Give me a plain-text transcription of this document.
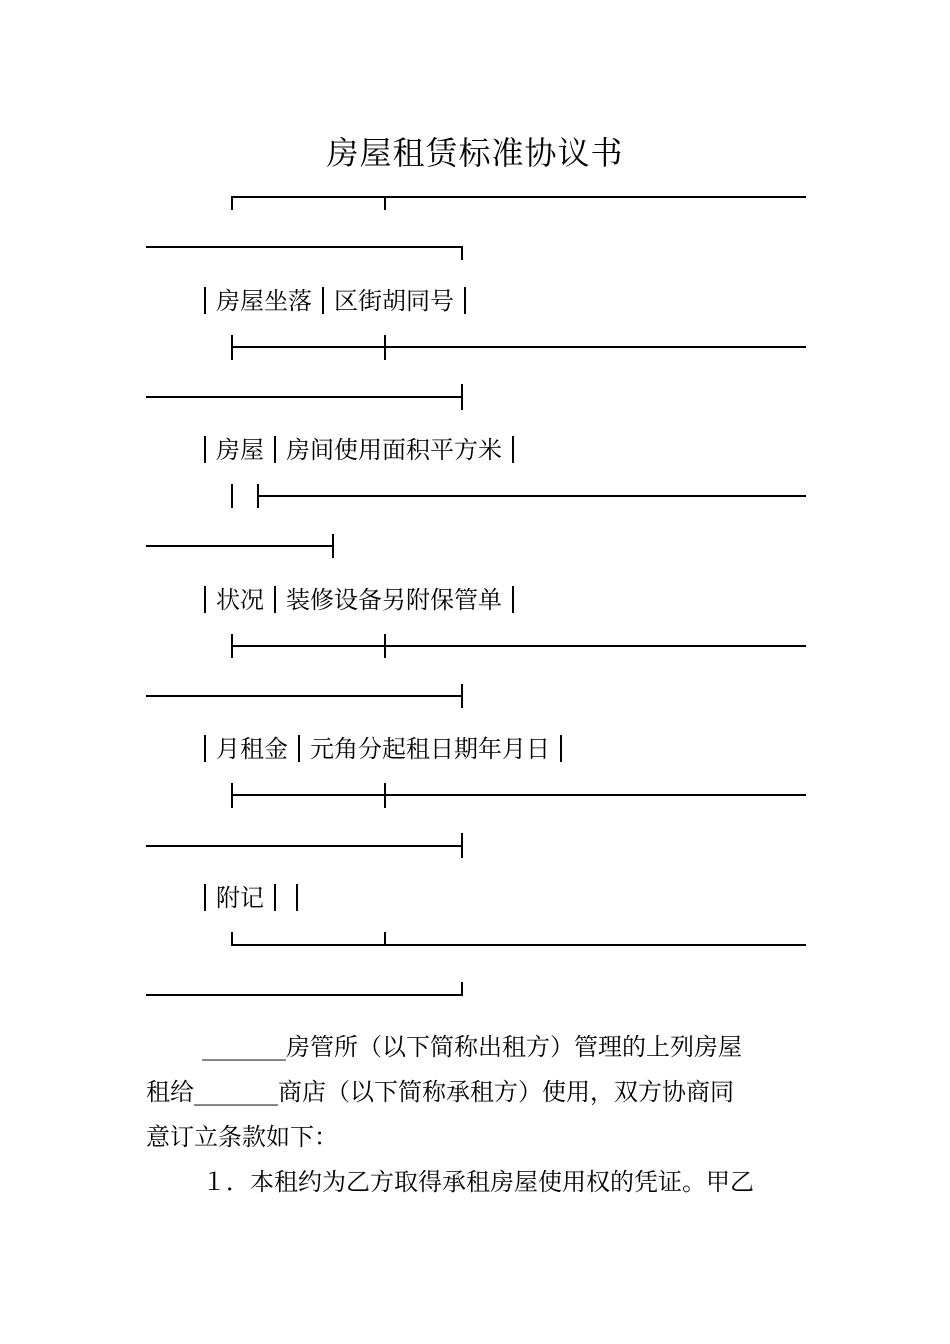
房屋租赁标准协议书
房屋坐落 区街胡同号
房屋 房间使用面积平方米
状况 装修设备另附保管单
月租金 元角分起租日期年月日
附记

_______房管所（以下简称出租方）管理的上列房屋

租给_______商店（以下简称承租方）使用，双方协商同

意订立条款如下：

１．本租约为乙方取得承租房屋使用权的凭证。甲乙
